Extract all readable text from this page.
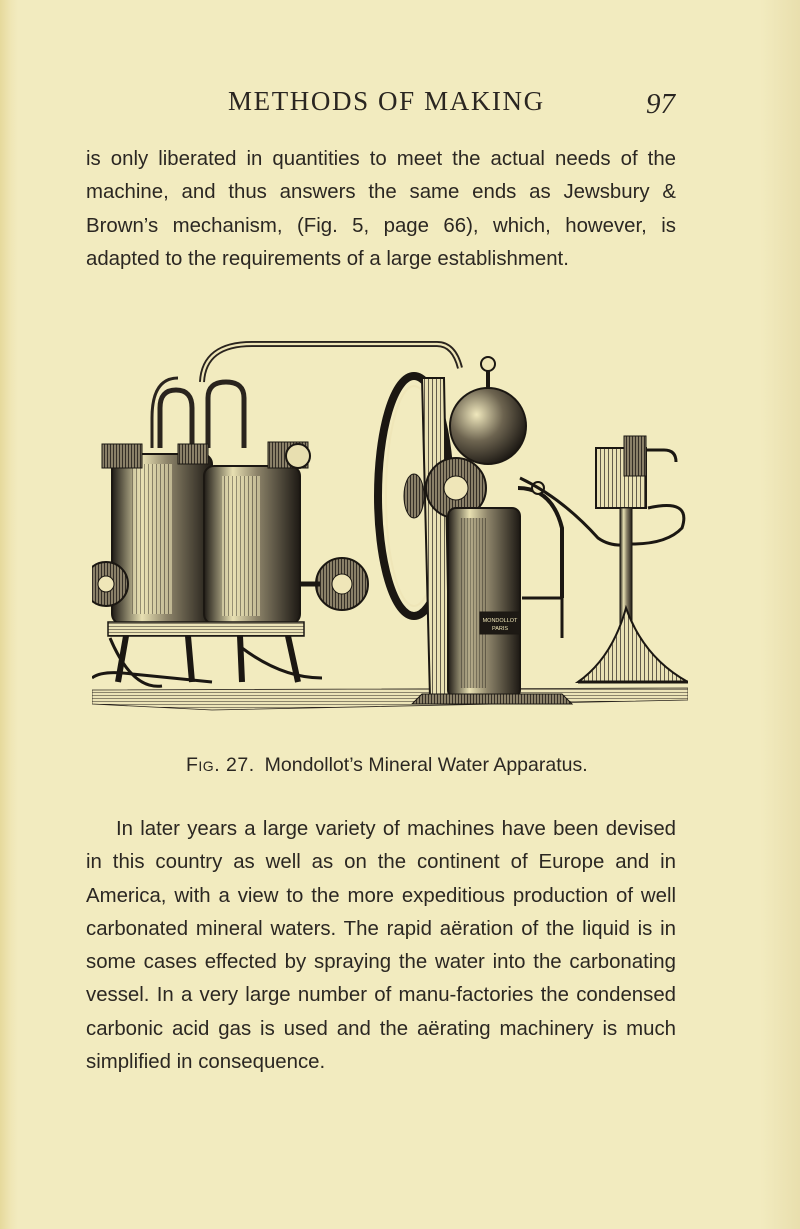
METHODS OF MAKING	97

is only liberated in quantities to meet the actual needs of the machine, and thus answers the same ends as Jewsbury & Brown’s mechanism, (Fig. 5, page 66), which, however, is adapted to the requirements of a large establishment.

MONDOLLOT
PARIS
Fig. 27. Mondollot’s Mineral Water Apparatus.

In later years a large variety of machines have been devised in this country as well as on the continent of Europe and in America, with a view to the more expeditious production of well carbonated mineral waters. The rapid aëration of the liquid is in some cases effected by spraying the water into the carbonating vessel. In a very large number of manu-factories the condensed carbonic acid gas is used and the aërating machinery is much simplified in consequence.
